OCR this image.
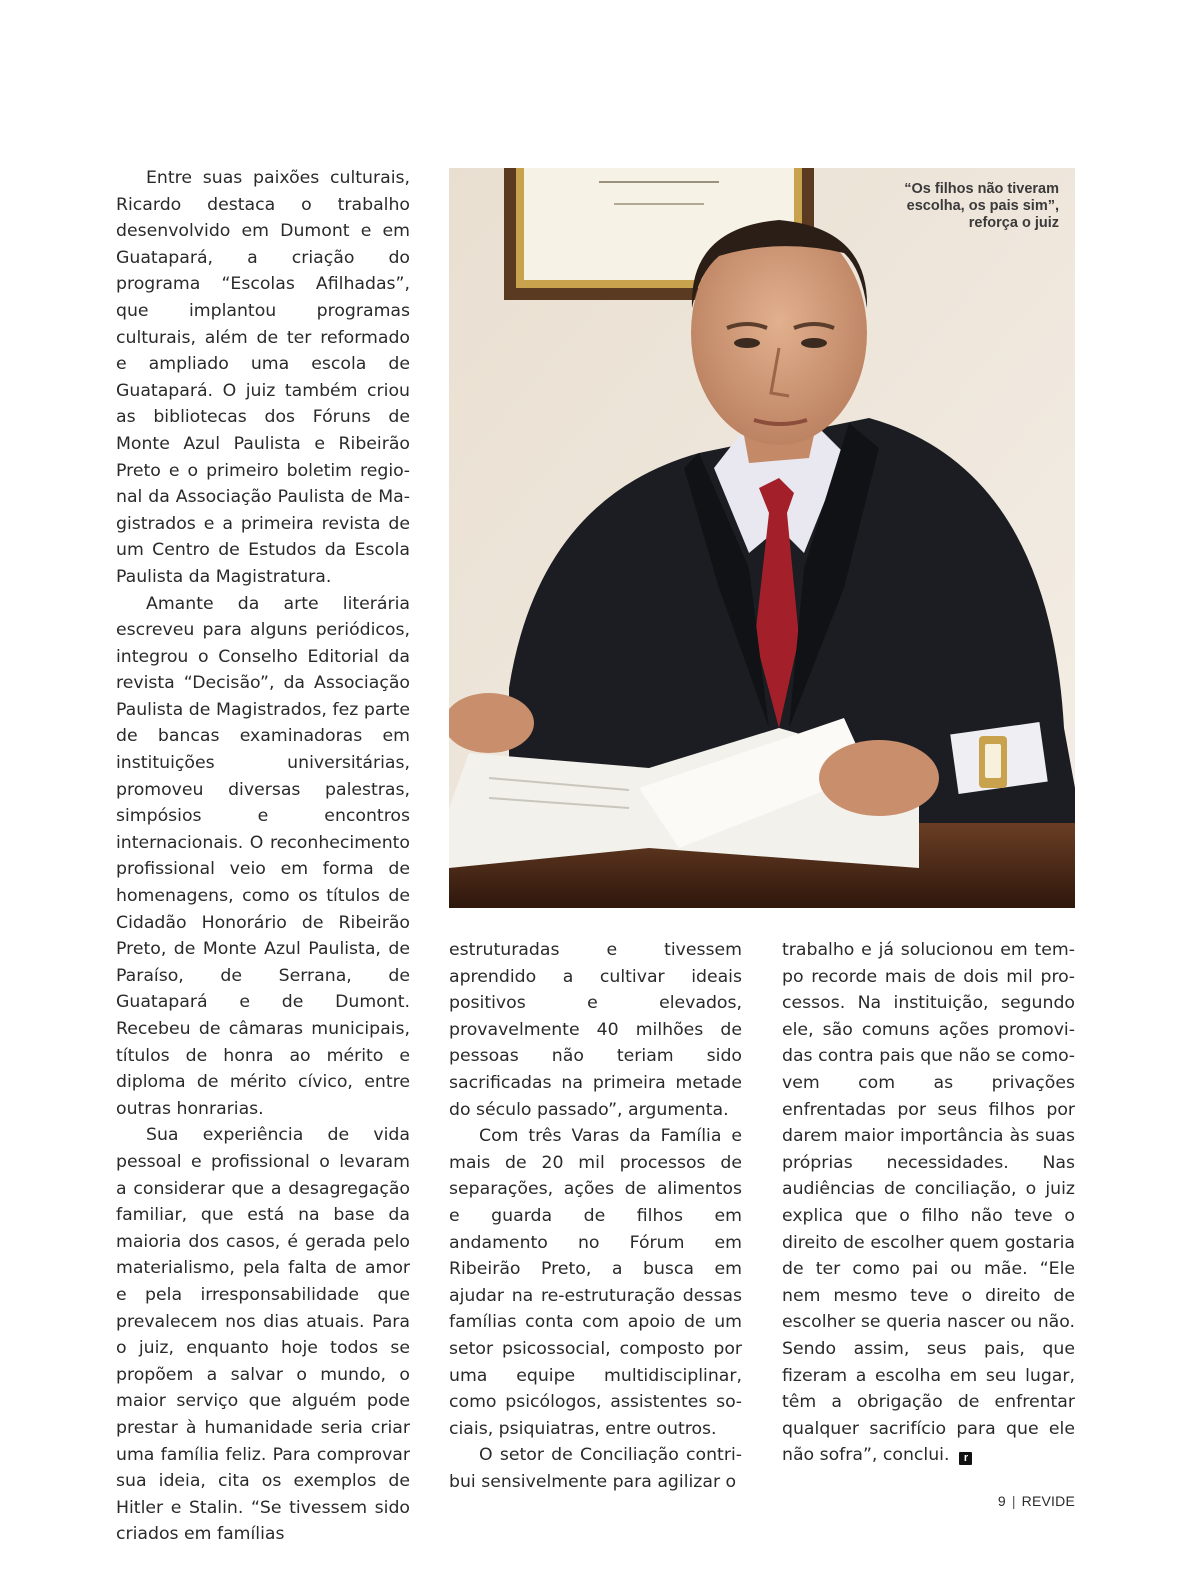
Entre suas paixões culturais, Ricardo destaca o trabalho desenvolvido em Dumont e em Guatapará, a criação do programa “Escolas Afilhadas”, que implantou programas culturais, além de ter reformado e ampliado uma escola de Guatapará. O juiz também criou as bibliotecas dos Fóruns de Monte Azul Paulista e Ribeirão Preto e o primeiro boletim regional da Associação Paulista de Magistrados e a primeira revista de um Centro de Estudos da Escola Paulista da Magistratura.

Amante da arte literária escreveu para alguns periódicos, integrou o Conselho Editorial da revista “Decisão”, da Associação Paulista de Magistrados, fez parte de bancas examinadoras em instituições universitárias, promoveu diversas palestras, simpósios e encontros internacionais. O reconhecimento profissional veio em forma de homenagens, como os títulos de Cidadão Honorário de Ribeirão Preto, de Monte Azul Paulista, de Paraíso, de Serrana, de Guatapará e de Dumont. Recebeu de câmaras municipais, títulos de honra ao mérito e diploma de mérito cívico, entre outras honrarias.

Sua experiência de vida pessoal e profissional o levaram a considerar que a desagregação familiar, que está na base da maioria dos casos, é gerada pelo materialismo, pela falta de amor e pela irresponsabilidade que prevalecem nos dias atuais. Para o juiz, enquanto hoje todos se propõem a salvar o mundo, o maior serviço que alguém pode prestar à humanidade seria criar uma família feliz. Para comprovar sua ideia, cita os exemplos de Hitler e Stalin. “Se tivessem sido criados em famílias

“Os filhos não tiveram escolha, os pais sim”, reforça o juiz

estruturadas e tivessem aprendido a cultivar ideais positivos e elevados, provavelmente 40 milhões de pessoas não teriam sido sacrificadas na primeira metade do século passado”, argumenta.

Com três Varas da Família e mais de 20 mil processos de separações, ações de alimentos e guarda de filhos em andamento no Fórum em Ribeirão Preto, a busca em ajudar na re-estruturação dessas famílias conta com apoio de um setor psicossocial, composto por uma equipe multidisciplinar, como psicólogos, assistentes sociais, psiquiatras, entre outros.

O setor de Conciliação contribui sensivelmente para agilizar o

trabalho e já solucionou em tempo recorde mais de dois mil processos. Na instituição, segundo ele, são comuns ações promovidas contra pais que não se comovem com as privações enfrentadas por seus filhos por darem maior importância às suas próprias necessidades. Nas audiências de conciliação, o juiz explica que o filho não teve o direito de escolher quem gostaria de ter como pai ou mãe. “Ele nem mesmo teve o direito de escolher se queria nascer ou não. Sendo assim, seus pais, que fizeram a escolha em seu lugar, têm a obrigação de enfrentar qualquer sacrifício para que ele não sofra”, conclui. r

9 | REVIDE
